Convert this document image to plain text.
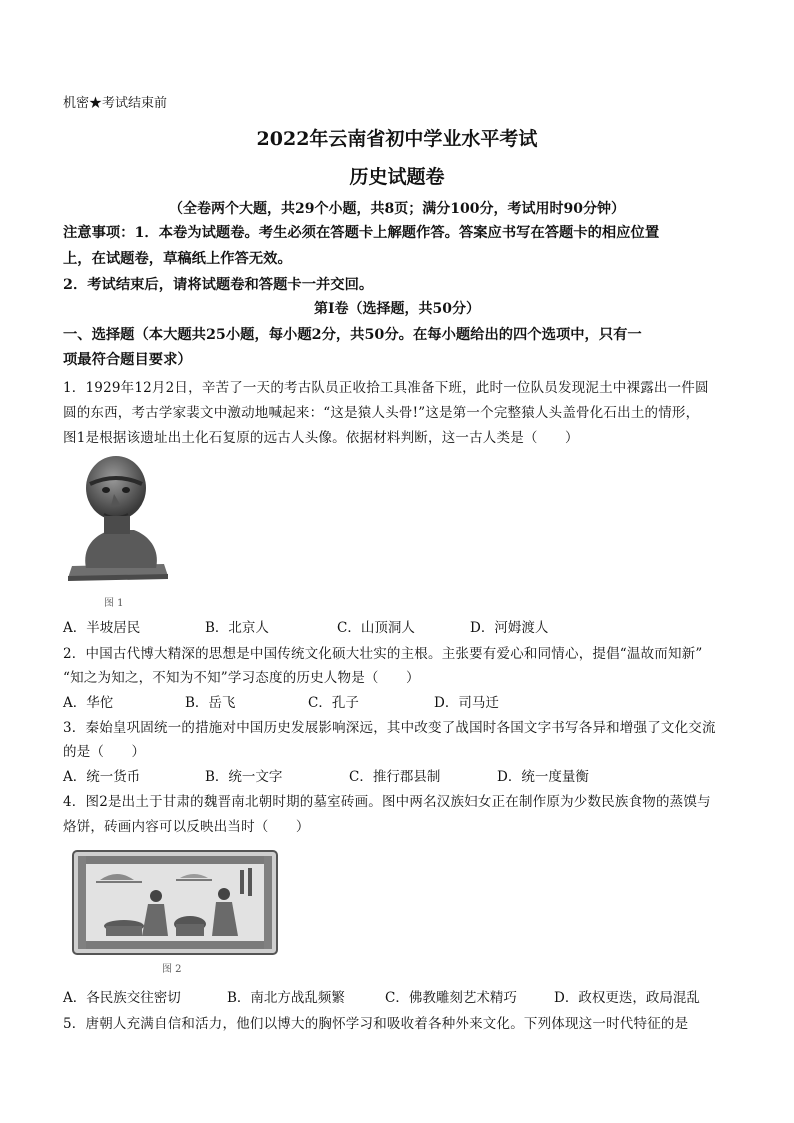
机密★考试结束前
2022年云南省初中学业水平考试
历史试题卷
（全卷两个大题，共29个小题，共8页；满分100分，考试用时90分钟）
注意事项：1．本卷为试题卷。考生必须在答题卡上解题作答。答案应书写在答题卡的相应位置
上，在试题卷，草稿纸上作答无效。
2．考试结束后，请将试题卷和答题卡一并交回。
第Ⅰ卷（选择题，共50分）
一、选择题（本大题共25小题，每小题2分，共50分。在每小题给出的四个选项中，只有一
项最符合题目要求）
1．1929年12月2日，辛苦了一天的考古队员正收拾工具准备下班，此时一位队员发现泥土中裸露出一件圆
圆的东西，考古学家裴文中激动地喊起来：“这是猿人头骨!”这是第一个完整猿人头盖骨化石出土的情形，
图1是根据该遗址出土化石复原的远古人头像。依据材料判断，这一古人类是（　　）
图 1
A．半坡居民	B．北京人	C．山顶洞人	D．河姆渡人
2．中国古代博大精深的思想是中国传统文化硕大壮实的主根。主张要有爱心和同情心，提倡“温故而知新”
“知之为知之，不知为不知”学习态度的历史人物是（　　）
A．华佗	B．岳飞	C．孔子	D．司马迁
3．秦始皇巩固统一的措施对中国历史发展影响深远，其中改变了战国时各国文字书写各异和增强了文化交流
的是（　　）
A．统一货币	B．统一文字	C．推行郡县制	D．统一度量衡
4．图2是出土于甘肃的魏晋南北朝时期的墓室砖画。图中两名汉族妇女正在制作原为少数民族食物的蒸馍与
烙饼，砖画内容可以反映出当时（　　）
图 2
A．各民族交往密切	B．南北方战乱频繁	C．佛教雕刻艺术精巧	D．政权更迭，政局混乱
5．唐朝人充满自信和活力，他们以博大的胸怀学习和吸收着各种外来文化。下列体现这一时代特征的是
